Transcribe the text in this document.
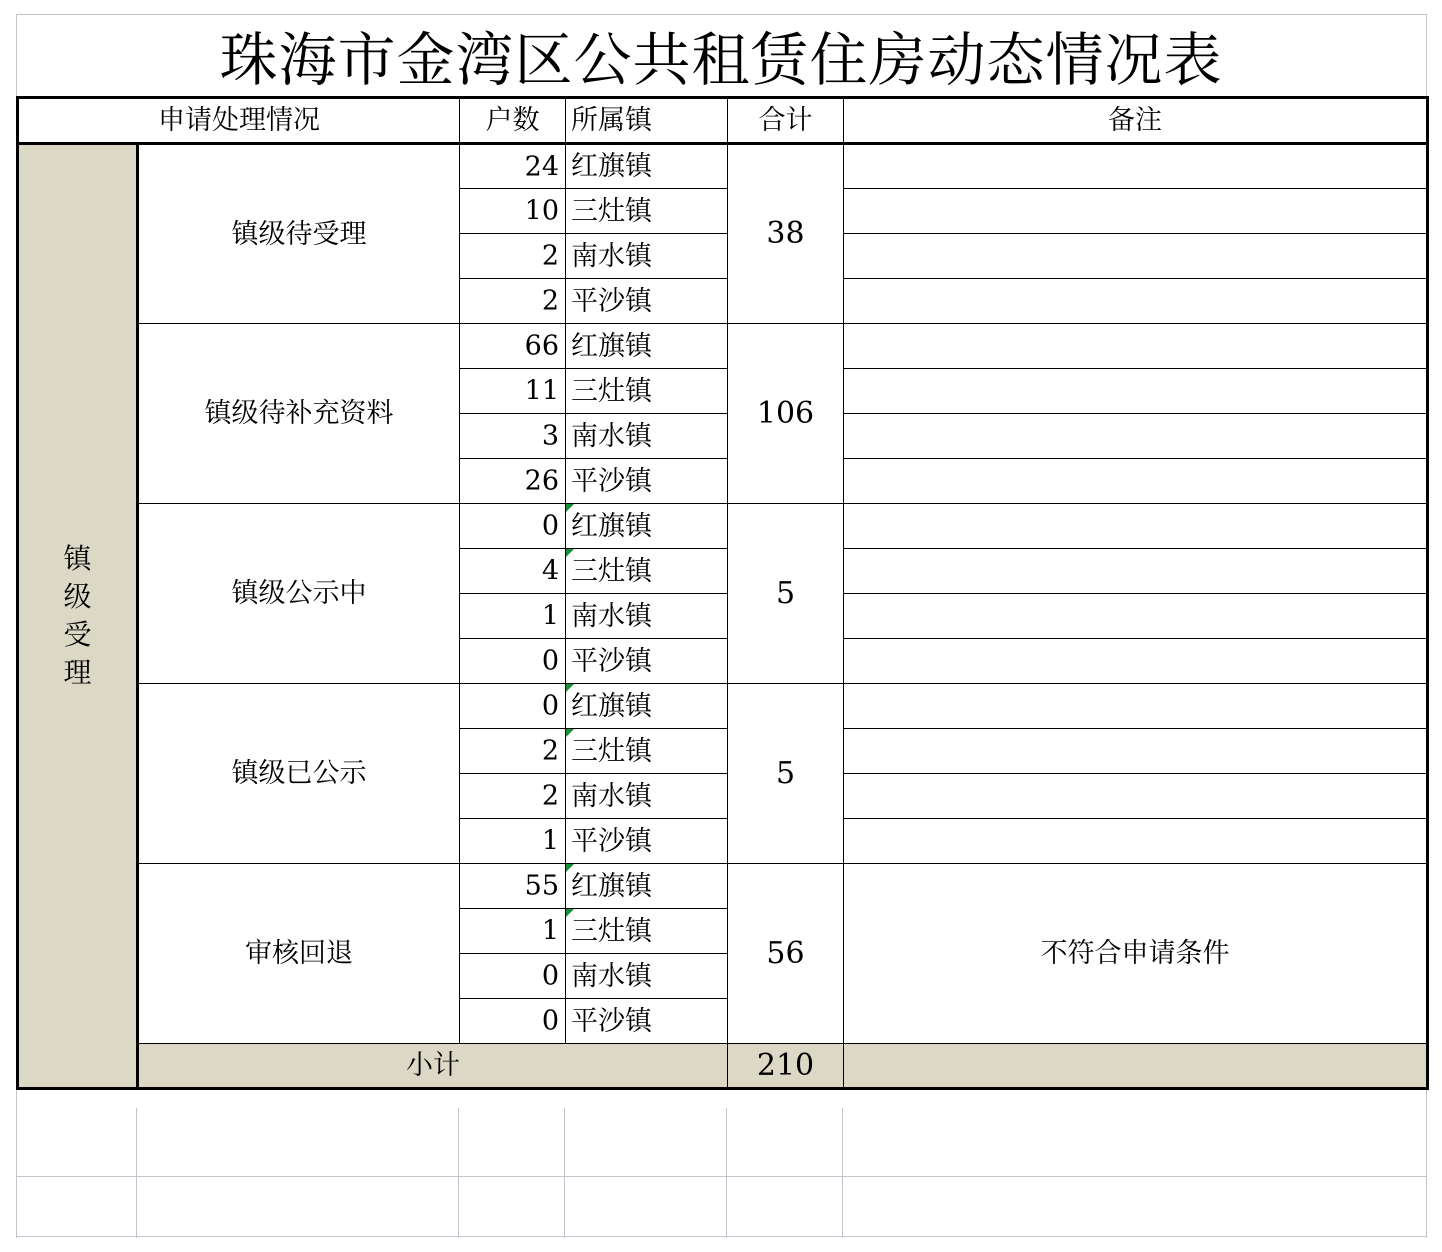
珠海市金湾区公共租赁住房动态情况表
申请处理情况		户数	所属镇	合计	备注
镇级受理	镇级待受理	24	红旗镇	38	

		10	三灶镇		

		2	南水镇		

		2	平沙镇		
	镇级待补充资料	66	红旗镇	106	

		11	三灶镇		

		3	南水镇		

		26	平沙镇		
	镇级公示中	0	红旗镇	5	

		4	三灶镇		

		1	南水镇		

		0	平沙镇		
	镇级已公示	0	红旗镇	5	

		2	三灶镇		

		2	南水镇		

		1	平沙镇		
	审核回退	55	红旗镇	56	不符合申请条件

		1	三灶镇		

		0	南水镇		

		0	平沙镇		
	小计			210	
